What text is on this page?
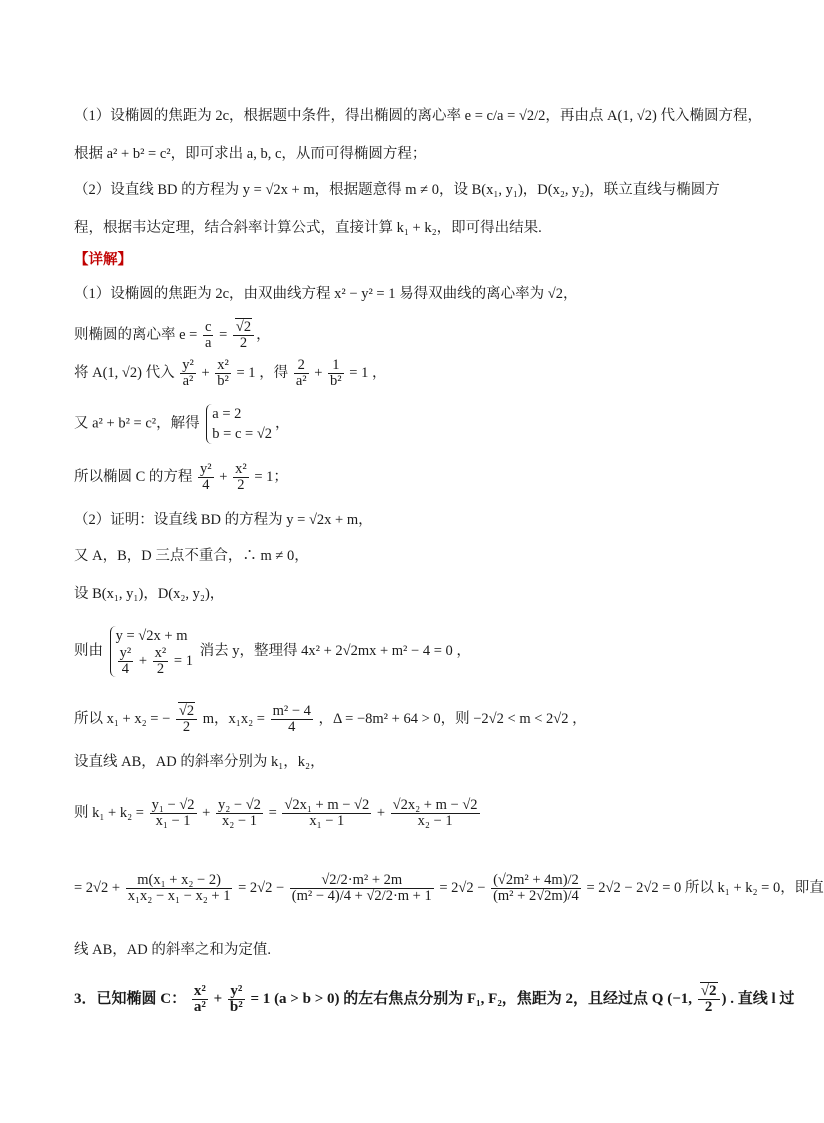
（1）设椭圆的焦距为 2c，根据题中条件，得出椭圆的离心率 e = c/a = √2/2，再由点 A(1, √2) 代入椭圆方程，
根据 a² + b² = c²，即可求出 a, b, c，从而可得椭圆方程；
（2）设直线 BD 的方程为 y = √2x + m，根据题意得 m ≠ 0，设 B(x₁, y₁)，D(x₂, y₂)，联立直线与椭圆方
程，根据韦达定理，结合斜率计算公式，直接计算 k₁ + k₂，即可得出结果.
【详解】
（1）设椭圆的焦距为 2c，由双曲线方程 x² − y² = 1 易得双曲线的离心率为 √2，
则椭圆的离心率 $e = \frac{c}{a} = \frac{√2}{2}$ ，
将 A(1, √2) 代入 $\frac{\text{y²}}{\text{a²}} + \frac{\text{x²}}{\text{b²}} = 1$ ，得 $\frac{2}{\text{a²}} + \frac{1}{\text{b²}} = 1$ ，
又 a² + b² = c²，解得
a = 2
b = c = √2
，
所以椭圆 C 的方程 $\frac{\text{y²}}{4} + \frac{\text{x²}}{2} = 1$；
（2）证明：设直线 BD 的方程为 y = √2x + m，
又 A，B，D 三点不重合，∴ m ≠ 0，
设 B(x₁, y₁)，D(x₂, y₂)，
则由
y = √2x + m
$\frac{\text{y²}}{4} + \frac{\text{x²}}{2} = 1$
消去 y，整理得 4x² + 2√2mx + m² − 4 = 0 ，
所以 x₁ + x₂ = − $\frac{√2}{2}$ m，$x_1x_2 = \frac{\text{m² − 4}}{4}$ ，Δ = −8m² + 64 > 0，则 −2√2 < m < 2√2 ，
设直线 AB，AD 的斜率分别为 k₁，k₂，
则 $k_1 + k_2 = \frac{\text{y₁ − √2}}{\text{x₁ − 1}} + \frac{\text{y₂ − √2}}{\text{x₂ − 1}} = \frac{\text{√2x₁ + m − √2}}{\text{x₁ − 1}} + \frac{\text{√2x₂ + m − √2}}{\text{x₂ − 1}}$
= $2√2 + \frac{\text{m(x₁ + x₂ − 2)}}{\text{x₁x₂ − x₁ − x₂ + 1}} = 2√2 - \frac{\text{√2/2·m² + 2m}}{\text{(m² − 4)/4 + √2/2·m + 1}} = 2√2 - \frac{\text{(√2m² + 4m)/2}}{\text{(m² + 2√2m)/4}} = 2√2 - 2√2 = 0$ 所以 k₁ + k₂ = 0，即直
线 AB，AD 的斜率之和为定值.
3．已知椭圆 C： $\frac{\text{x²}}{\text{a²}} + \frac{\text{y²}}{\text{b²}} = 1$ (a > b > 0) 的左右焦点分别为 F₁, F₂，焦距为 2，且经过点 Q (−1, $\frac{√2}{2}$ ) . 直线 l 过
